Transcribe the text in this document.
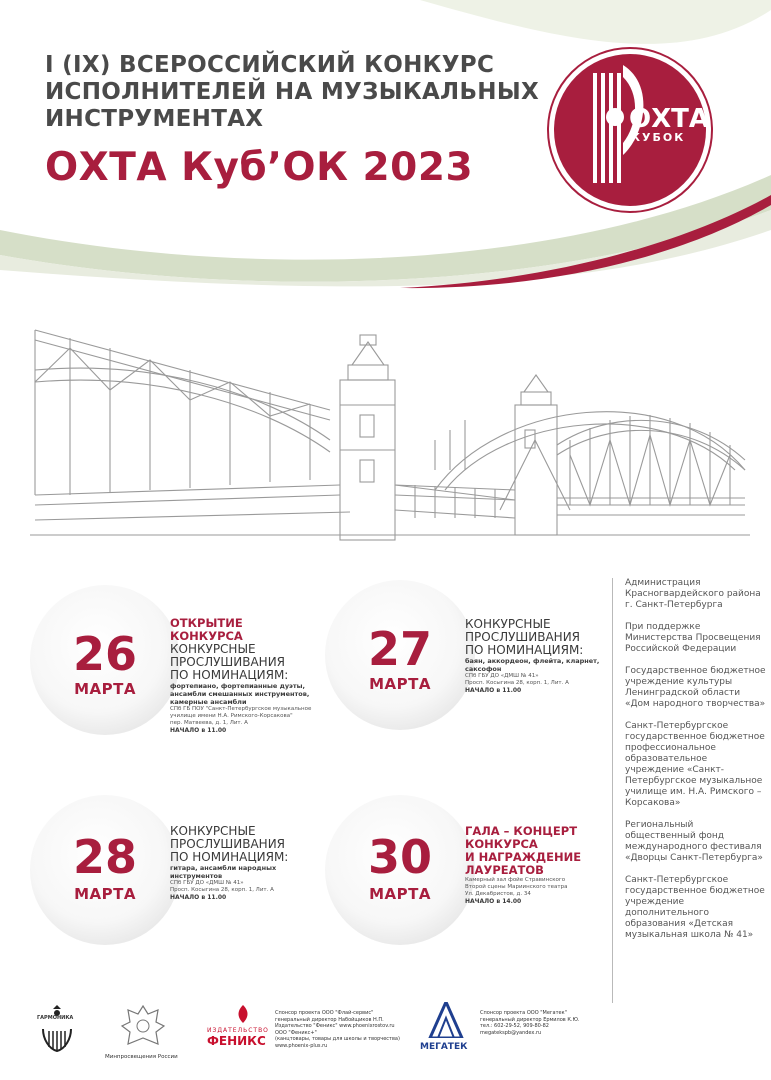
I (IX) ВСЕРОССИЙСКИЙ КОНКУРС
ИСПОЛНИТЕЛЕЙ НА МУЗЫКАЛЬНЫХ
ИНСТРУМЕНТАХ
ОХТА Куб’ОК 2023
ОХТА
КУБОК
26
МАРТА
ОТКРЫТИЕ
КОНКУРСА
КОНКУРСНЫЕ
ПРОСЛУШИВАНИЯ
ПО НОМИНАЦИЯМ:
фортепиано, фортепианные дуэты,
ансамбли смешанных инструментов,
камерные ансамбли
СПб ГБ ПОУ "Санкт-Петербургское музыкальное
училище имени Н.А. Римского-Корсакова"
пер. Матвеева, д. 1, Лит. А
НАЧАЛО в 11.00
27
МАРТА
КОНКУРСНЫЕ
ПРОСЛУШИВАНИЯ
ПО НОМИНАЦИЯМ:
баян, аккордеон, флейта, кларнет,
саксофон
СПб ГБУ ДО «ДМШ № 41»
Просп. Косыгина 28, корп. 1, Лит. А
НАЧАЛО в 11.00
28
МАРТА
КОНКУРСНЫЕ
ПРОСЛУШИВАНИЯ
ПО НОМИНАЦИЯМ:
гитара, ансамбли народных
инструментов
СПб ГБУ ДО «ДМШ № 41»
Просп. Косыгина 28, корп. 1, Лит. А
НАЧАЛО в 11.00
30
МАРТА
ГАЛА – КОНЦЕРТ
КОНКУРСА
И НАГРАЖДЕНИЕ
ЛАУРЕАТОВ
Камерный зал фойе Стравинского
Второй сцены Мариинского театра
Ул. Декабристов, д. 34
НАЧАЛО в 14.00
Администрация Красногвардейского района г. Санкт-Петербурга
При поддержке Министерства Просвещения Российской Федерации
Государственное бюджетное учреждение культуры Ленинградской области «Дом народного творчества»
Санкт-Петербургское государственное бюджетное профессиональное образовательное учреждение «Санкт-Петербургское музыкальное училище им. Н.А. Римского – Корсакова»
Региональный общественный фонд международного фестиваля «Дворцы Санкт-Петербурга»
Санкт-Петербургское государственное бюджетное учреждение дополнительного образования «Детская музыкальная школа № 41»
ГАРМОНИКА
Минпросвещения России
ИЗДАТЕЛЬСТВО
ФЕНИКС
Спонсор проекта ООО "Флай-сервис"
генеральный директор Набойщиков Н.П.
Издательство "Феникс" www.phoenixrostov.ru
ООО "Феникс+"
(канцтовары, товары для школы и творчества)
www.phoenix-plus.ru	МЕГАТЕК
Спонсор проекта ООО "Мегатек"
генеральный директор Ермилов К.Ю.
тел.: 602-29-52, 909-80-82
megatekspb@yandex.ru
